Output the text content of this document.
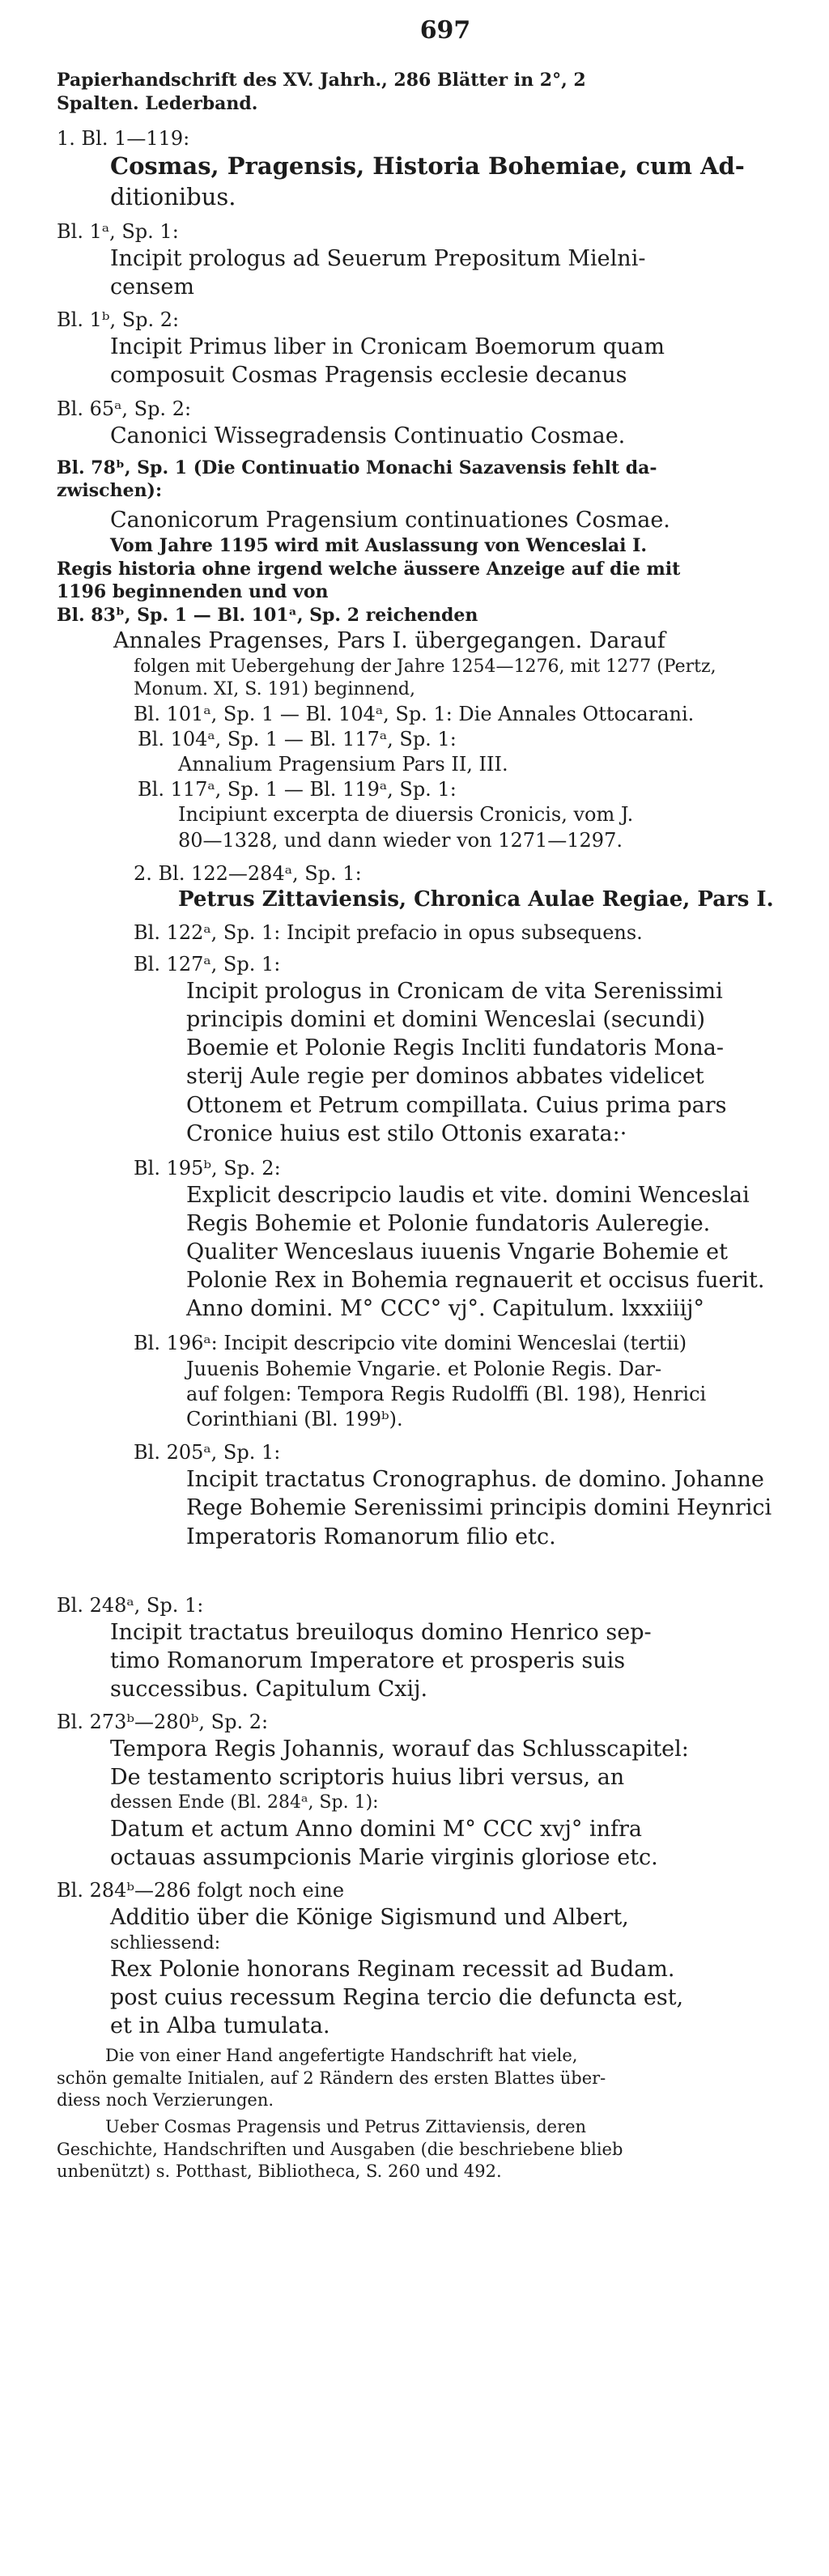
697
Papierhandschrift des XV. Jahrh., 286 Blätter in 2°, 2
Spalten. Lederband.
1. Bl. 1—119:
Cosmas, Pragensis, Historia Bohemiae, cum Ad-
ditionibus.
Bl. 1ᵃ, Sp. 1:
Incipit prologus ad Seuerum Prepositum Mielni-
censem
Bl. 1ᵇ, Sp. 2:
Incipit Primus liber in Cronicam Boemorum quam
composuit Cosmas Pragensis ecclesie decanus
Bl. 65ᵃ, Sp. 2:
Canonici Wissegradensis Continuatio Cosmae.
Bl. 78ᵇ, Sp. 1 (Die Continuatio Monachi Sazavensis fehlt da-
zwischen):
Canonicorum Pragensium continuationes Cosmae.
Vom Jahre 1195 wird mit Auslassung von Wenceslai I.
Regis historia ohne irgend welche äussere Anzeige auf die mit
1196 beginnenden und von
Bl. 83ᵇ, Sp. 1 — Bl. 101ᵃ, Sp. 2 reichenden
Annales Pragenses, Pars I. übergegangen. Darauf
folgen mit Uebergehung der Jahre 1254—1276, mit 1277 (Pertz,
Monum. XI, S. 191) beginnend,
Bl. 101ᵃ, Sp. 1 — Bl. 104ᵃ, Sp. 1: Die Annales Ottocarani.
Bl. 104ᵃ, Sp. 1 — Bl. 117ᵃ, Sp. 1:
Annalium Pragensium Pars II, III.
Bl. 117ᵃ, Sp. 1 — Bl. 119ᵃ, Sp. 1:
Incipiunt excerpta de diuersis Cronicis, vom J.
80—1328, und dann wieder von 1271—1297.
2. Bl. 122—284ᵃ, Sp. 1:
Petrus Zittaviensis, Chronica Aulae Regiae, Pars I.
Bl. 122ᵃ, Sp. 1: Incipit prefacio in opus subsequens.
Bl. 127ᵃ, Sp. 1:
Incipit prologus in Cronicam de vita Serenissimi
principis domini et domini Wenceslai (secundi)
Boemie et Polonie Regis Incliti fundatoris Mona-
sterij Aule regie per dominos abbates videlicet
Ottonem et Petrum compillata. Cuius prima pars
Cronice huius est stilo Ottonis exarata:·
Bl. 195ᵇ, Sp. 2:
Explicit descripcio laudis et vite. domini Wenceslai
Regis Bohemie et Polonie fundatoris Auleregie.
Qualiter Wenceslaus iuuenis Vngarie Bohemie et
Polonie Rex in Bohemia regnauerit et occisus fuerit.
Anno domini. M° CCC° vj°. Capitulum. lxxxiiij°
Bl. 196ᵃ: Incipit descripcio vite domini Wenceslai (tertii)
Juuenis Bohemie Vngarie. et Polonie Regis. Dar-
auf folgen: Tempora Regis Rudolffi (Bl. 198), Henrici
Corinthiani (Bl. 199ᵇ).
Bl. 205ᵃ, Sp. 1:
Incipit tractatus Cronographus. de domino. Johanne
Rege Bohemie Serenissimi principis domini Heynrici
Imperatoris Romanorum filio etc.
Bl. 248ᵃ, Sp. 1:
Incipit tractatus breuiloqus domino Henrico sep-
timo Romanorum Imperatore et prosperis suis
successibus. Capitulum Cxij.
Bl. 273ᵇ—280ᵇ, Sp. 2:
Tempora Regis Johannis, worauf das Schlusscapitel:
De testamento scriptoris huius libri versus, an
dessen Ende (Bl. 284ᵃ, Sp. 1):
Datum et actum Anno domini M° CCC xvj° infra
octauas assumpcionis Marie virginis gloriose etc.
Bl. 284ᵇ—286 folgt noch eine
Additio über die Könige Sigismund und Albert,
schliessend:
Rex Polonie honorans Reginam recessit ad Budam.
post cuius recessum Regina tercio die defuncta est,
et in Alba tumulata.
Die von einer Hand angefertigte Handschrift hat viele,
schön gemalte Initialen, auf 2 Rändern des ersten Blattes über-
diess noch Verzierungen.
Ueber Cosmas Pragensis und Petrus Zittaviensis, deren
Geschichte, Handschriften und Ausgaben (die beschriebene blieb
unbenützt) s. Potthast, Bibliotheca, S. 260 und 492.
